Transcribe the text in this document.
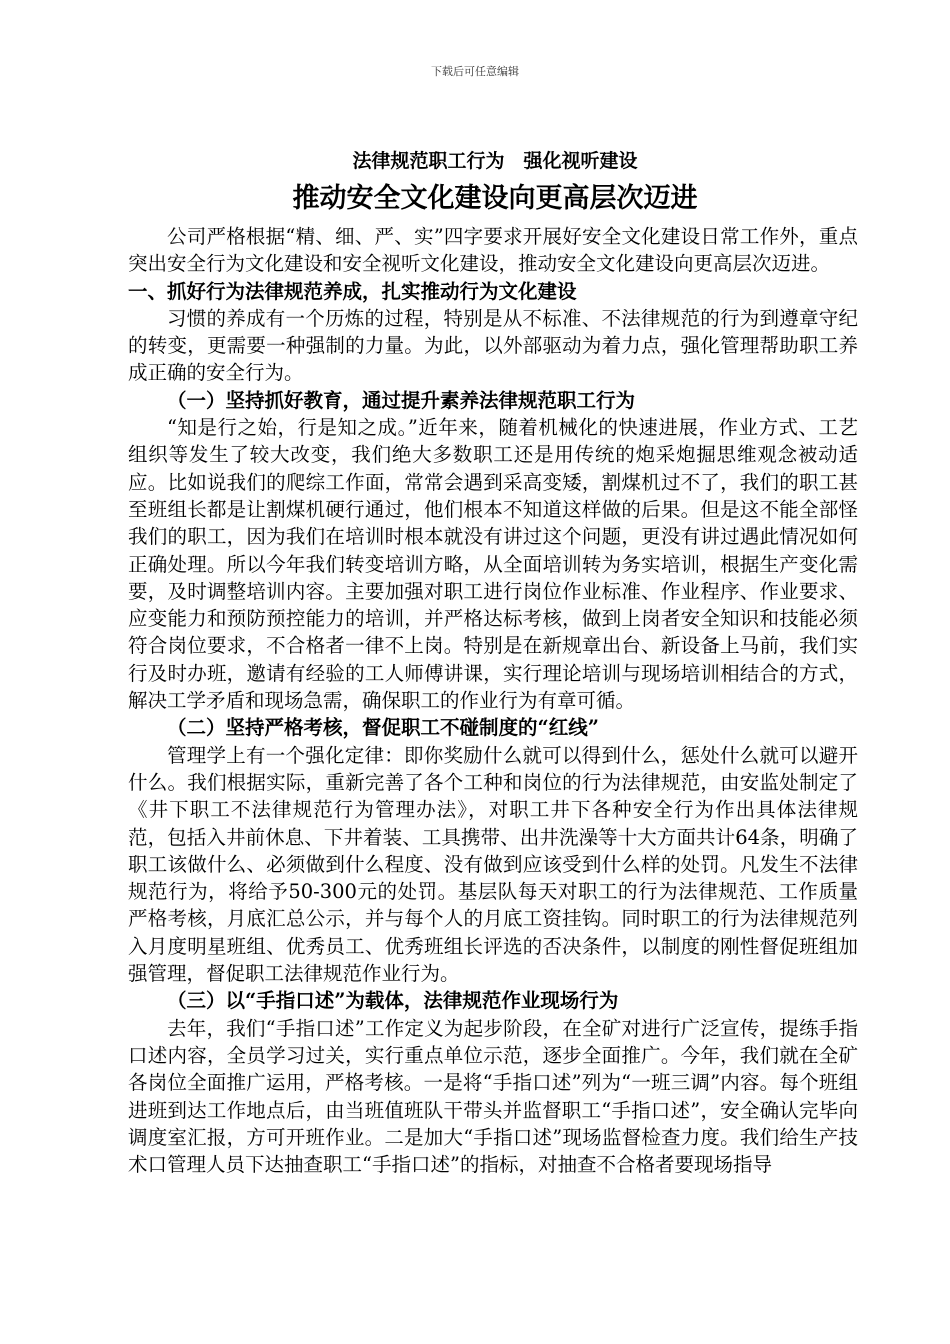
下载后可任意编辑
法律规范职工行为　强化视听建设
推动安全文化建设向更高层次迈进

公司严格根据“精、细、严、实”四字要求开展好安全文化建设日常工作外，重点突出安全行为文化建设和安全视听文化建设，推动安全文化建设向更高层次迈进。

一、抓好行为法律规范养成，扎实推动行为文化建设

习惯的养成有一个历炼的过程，特别是从不标准、不法律规范的行为到遵章守纪的转变，更需要一种强制的力量。为此，以外部驱动为着力点，强化管理帮助职工养成正确的安全行为。

（一）坚持抓好教育，通过提升素养法律规范职工行为

“知是行之始，行是知之成。”近年来，随着机械化的快速进展，作业方式、工艺组织等发生了较大改变，我们绝大多数职工还是用传统的炮采炮掘思维观念被动适应。比如说我们的爬综工作面，常常会遇到采高变矮，割煤机过不了，我们的职工甚至班组长都是让割煤机硬行通过，他们根本不知道这样做的后果。但是这不能全部怪我们的职工，因为我们在培训时根本就没有讲过这个问题，更没有讲过遇此情况如何正确处理。所以今年我们转变培训方略，从全面培训转为务实培训，根据生产变化需要，及时调整培训内容。主要加强对职工进行岗位作业标准、作业程序、作业要求、应变能力和预防预控能力的培训，并严格达标考核，做到上岗者安全知识和技能必须符合岗位要求，不合格者一律不上岗。特别是在新规章出台、新设备上马前，我们实行及时办班，邀请有经验的工人师傅讲课，实行理论培训与现场培训相结合的方式，解决工学矛盾和现场急需，确保职工的作业行为有章可循。

（二）坚持严格考核，督促职工不碰制度的“红线”

管理学上有一个强化定律：即你奖励什么就可以得到什么，惩处什么就可以避开什么。我们根据实际，重新完善了各个工种和岗位的行为法律规范，由安监处制定了《井下职工不法律规范行为管理办法》，对职工井下各种安全行为作出具体法律规范，包括入井前休息、下井着装、工具携带、出井洗澡等十大方面共计64条，明确了职工该做什么、必须做到什么程度、没有做到应该受到什么样的处罚。凡发生不法律规范行为，将给予50-300元的处罚。基层队每天对职工的行为法律规范、工作质量严格考核，月底汇总公示，并与每个人的月底工资挂钩。同时职工的行为法律规范列入月度明星班组、优秀员工、优秀班组长评选的否决条件，以制度的刚性督促班组加强管理，督促职工法律规范作业行为。

（三）以“手指口述”为载体，法律规范作业现场行为

去年，我们“手指口述”工作定义为起步阶段，在全矿对进行广泛宣传，提练手指口述内容，全员学习过关，实行重点单位示范，逐步全面推广。今年，我们就在全矿各岗位全面推广运用，严格考核。一是将“手指口述”列为“一班三调”内容。每个班组进班到达工作地点后，由当班值班队干带头并监督职工“手指口述”，安全确认完毕向调度室汇报，方可开班作业。二是加大“手指口述”现场监督检查力度。我们给生产技术口管理人员下达抽查职工“手指口述”的指标，对抽查不合格者要现场指导
